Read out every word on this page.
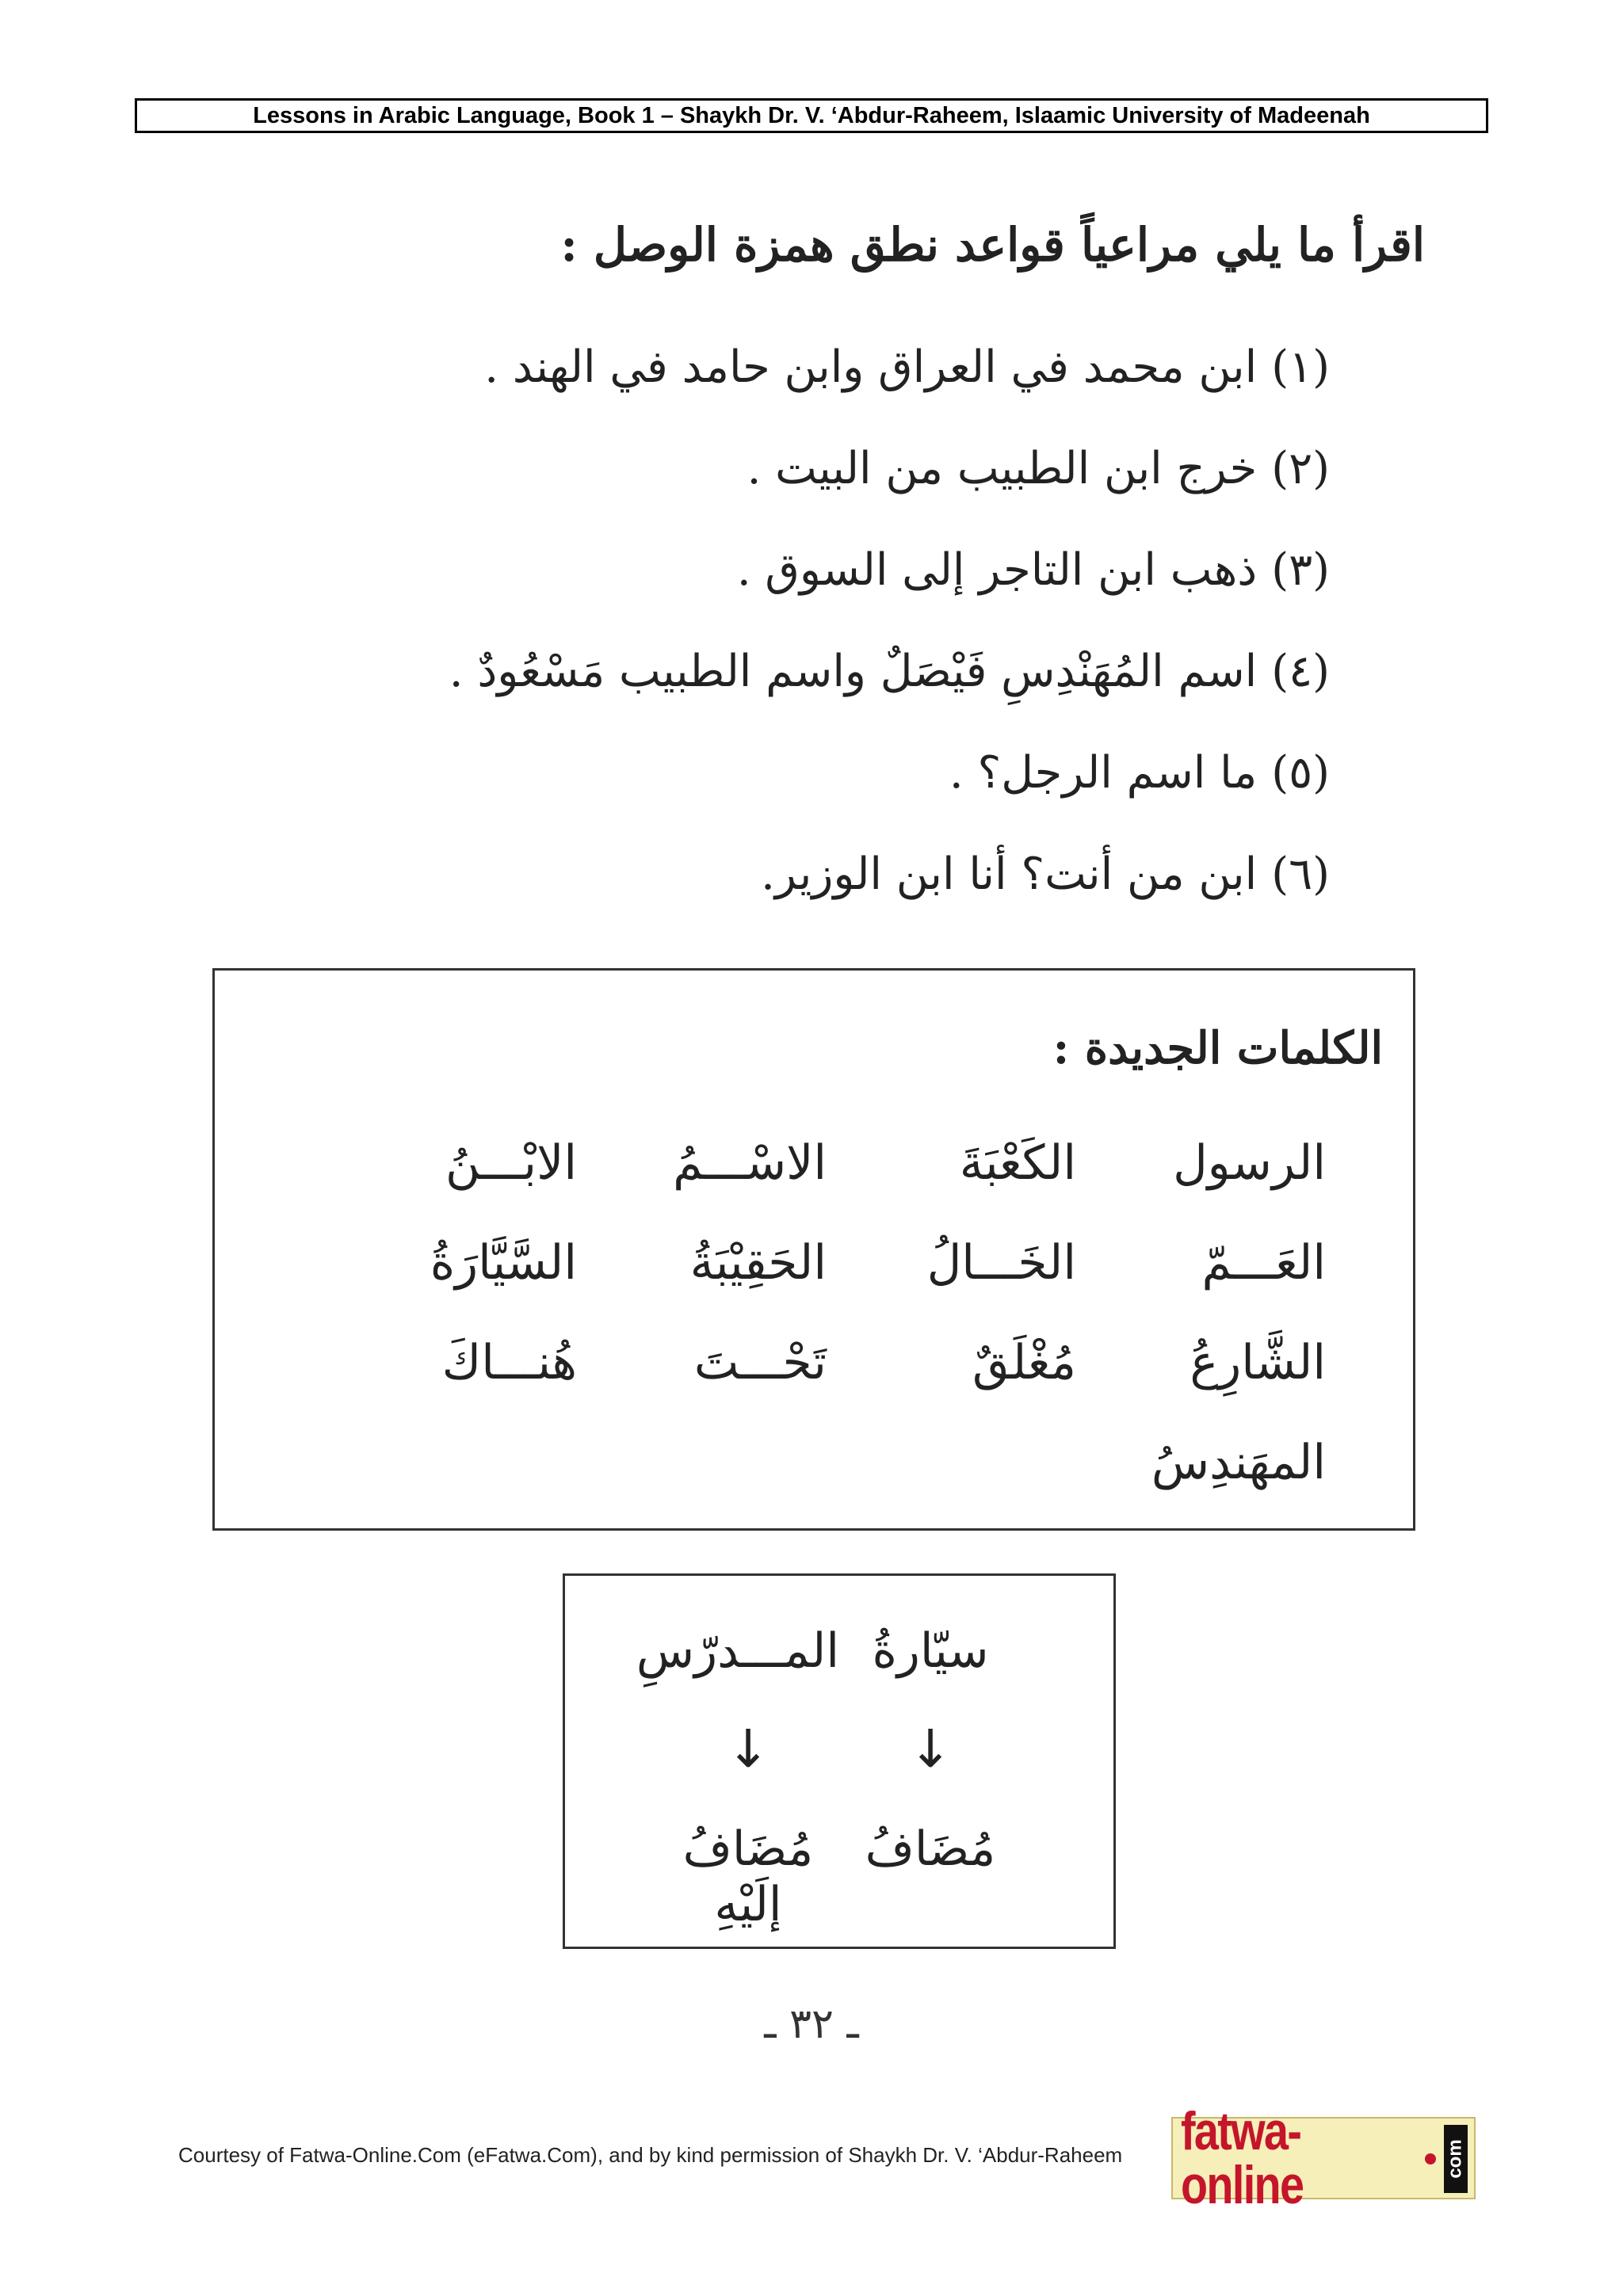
Lessons in Arabic Language, Book 1 – Shaykh Dr. V. ‘Abdur-Raheem, Islaamic University of Madeenah
اقرأ ما يلي مراعياً قواعد نطق همزة الوصل :
(١)ابن محمد في العراق وابن حامد في الهند .
(٢)خرج ابن الطبيب من البيت .
(٣)ذهب ابن التاجر إلى السوق .
(٤)اسم المُهَنْدِسِ فَيْصَلٌ واسم الطبيب مَسْعُودٌ .
(٥)ما اسم الرجل؟ .
(٦)ابن من أنت؟ أنا ابن الوزير.
الكلمات الجديدة :
الرسول
الكَعْبَةَ
الاسْـــمُ
الابْـــنُ
العَـــمّ
الخَـــالُ
الحَقِيْبَةُ
السَّيَّارَةُ
الشَّارِعُ
مُغْلَقٌ
تَحْـــتَ
هُنـــاكَ
المهَندِسُ
سيّارةُ
المـــدرّسِ
↓
↓
مُضَافُ
مُضَافُ إلَيْهِ
ـ ٣٢ ـ
Courtesy of Fatwa-Online.Com (eFatwa.Com), and by kind permission of Shaykh Dr. V. ‘Abdur-Raheem fatwa-online	com
